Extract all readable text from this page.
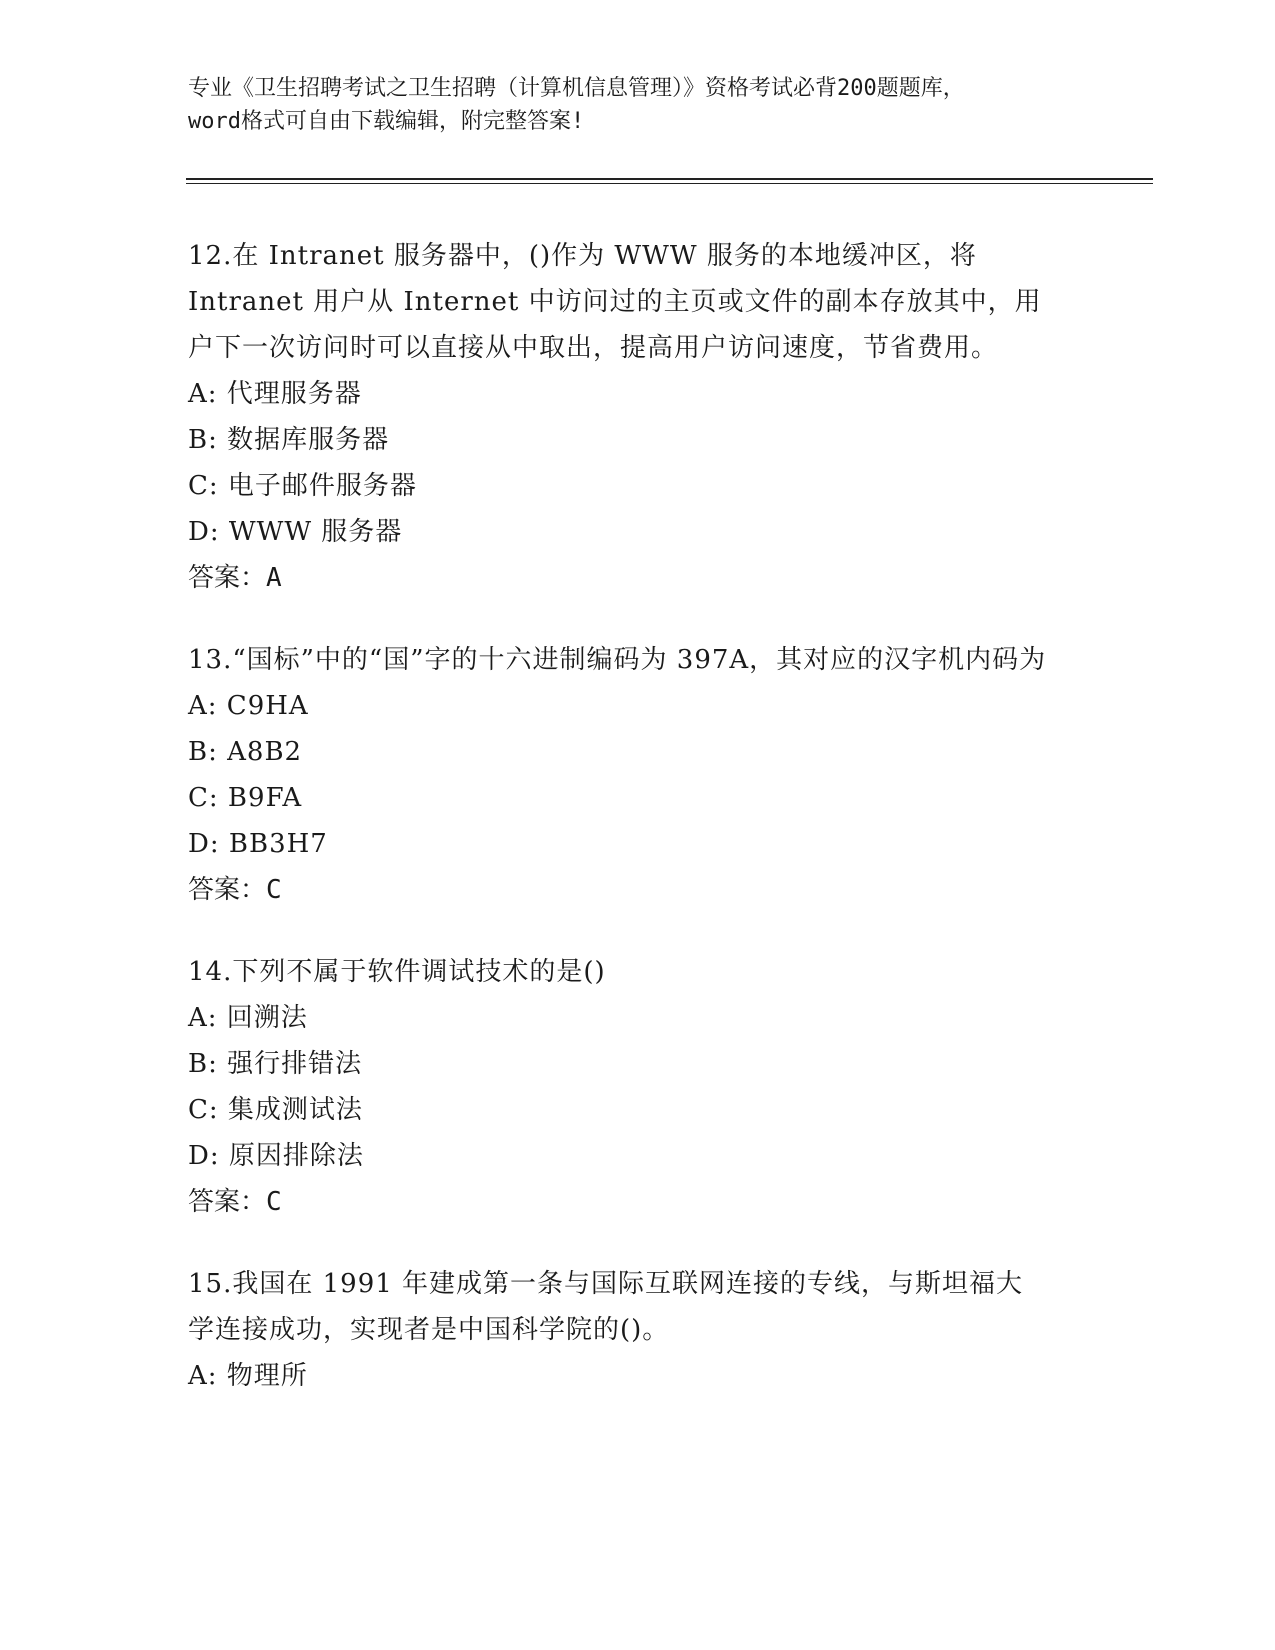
专业《卫生招聘考试之卫生招聘（计算机信息管理）》资格考试必背200题题库，
word格式可自由下载编辑，附完整答案!

12.在 Intranet 服务器中，()作为 WWW 服务的本地缓冲区，将 Intranet 用户从 Internet 中访问过的主页或文件的副本存放其中，用户下一次访问时可以直接从中取出，提高用户访问速度，节省费用。

A: 代理服务器

B: 数据库服务器

C: 电子邮件服务器

D: WWW 服务器

答案：A

13.“国标”中的“国”字的十六进制编码为 397A，其对应的汉字机内码为

A: C9HA

B: A8B2

C: B9FA

D: BB3H7

答案：C

14.下列不属于软件调试技术的是()

A: 回溯法

B: 强行排错法

C: 集成测试法

D: 原因排除法

答案：C

15.我国在 1991 年建成第一条与国际互联网连接的专线，与斯坦福大学连接成功，实现者是中国科学院的()。

A: 物理所
